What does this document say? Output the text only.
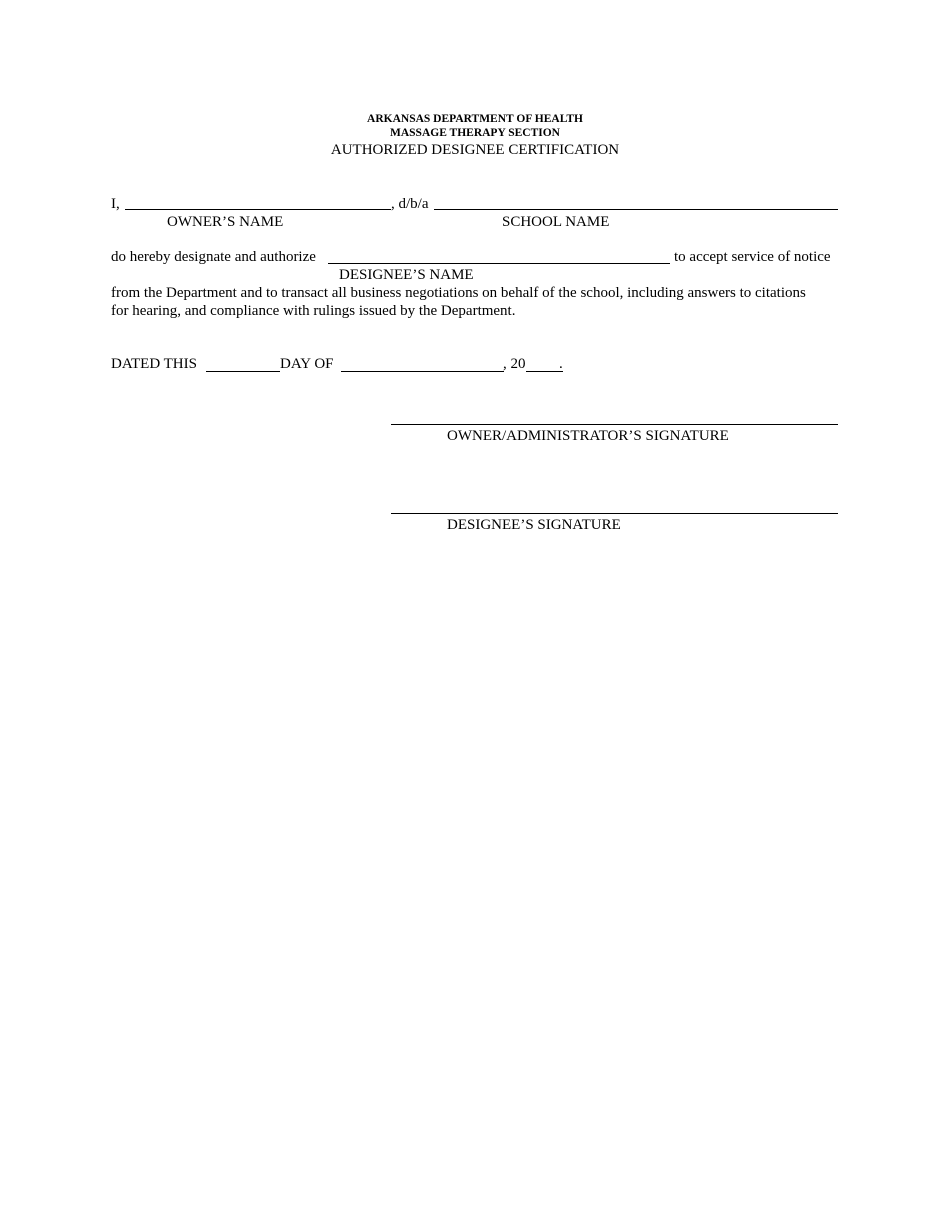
ARKANSAS DEPARTMENT OF HEALTH
MASSAGE THERAPY SECTION
AUTHORIZED DESIGNEE CERTIFICATION
I,	, d/b/a
OWNER’S NAME	SCHOOL NAME
do hereby designate and authorize	to accept service of notice
DESIGNEE’S NAME
from the Department and to transact all business negotiations on behalf of the school, including answers to citations
for hearing, and compliance with rulings issued by the Department.
DATED THIS	DAY OF	, 20 .
OWNER/ADMINISTRATOR’S SIGNATURE
DESIGNEE’S SIGNATURE
